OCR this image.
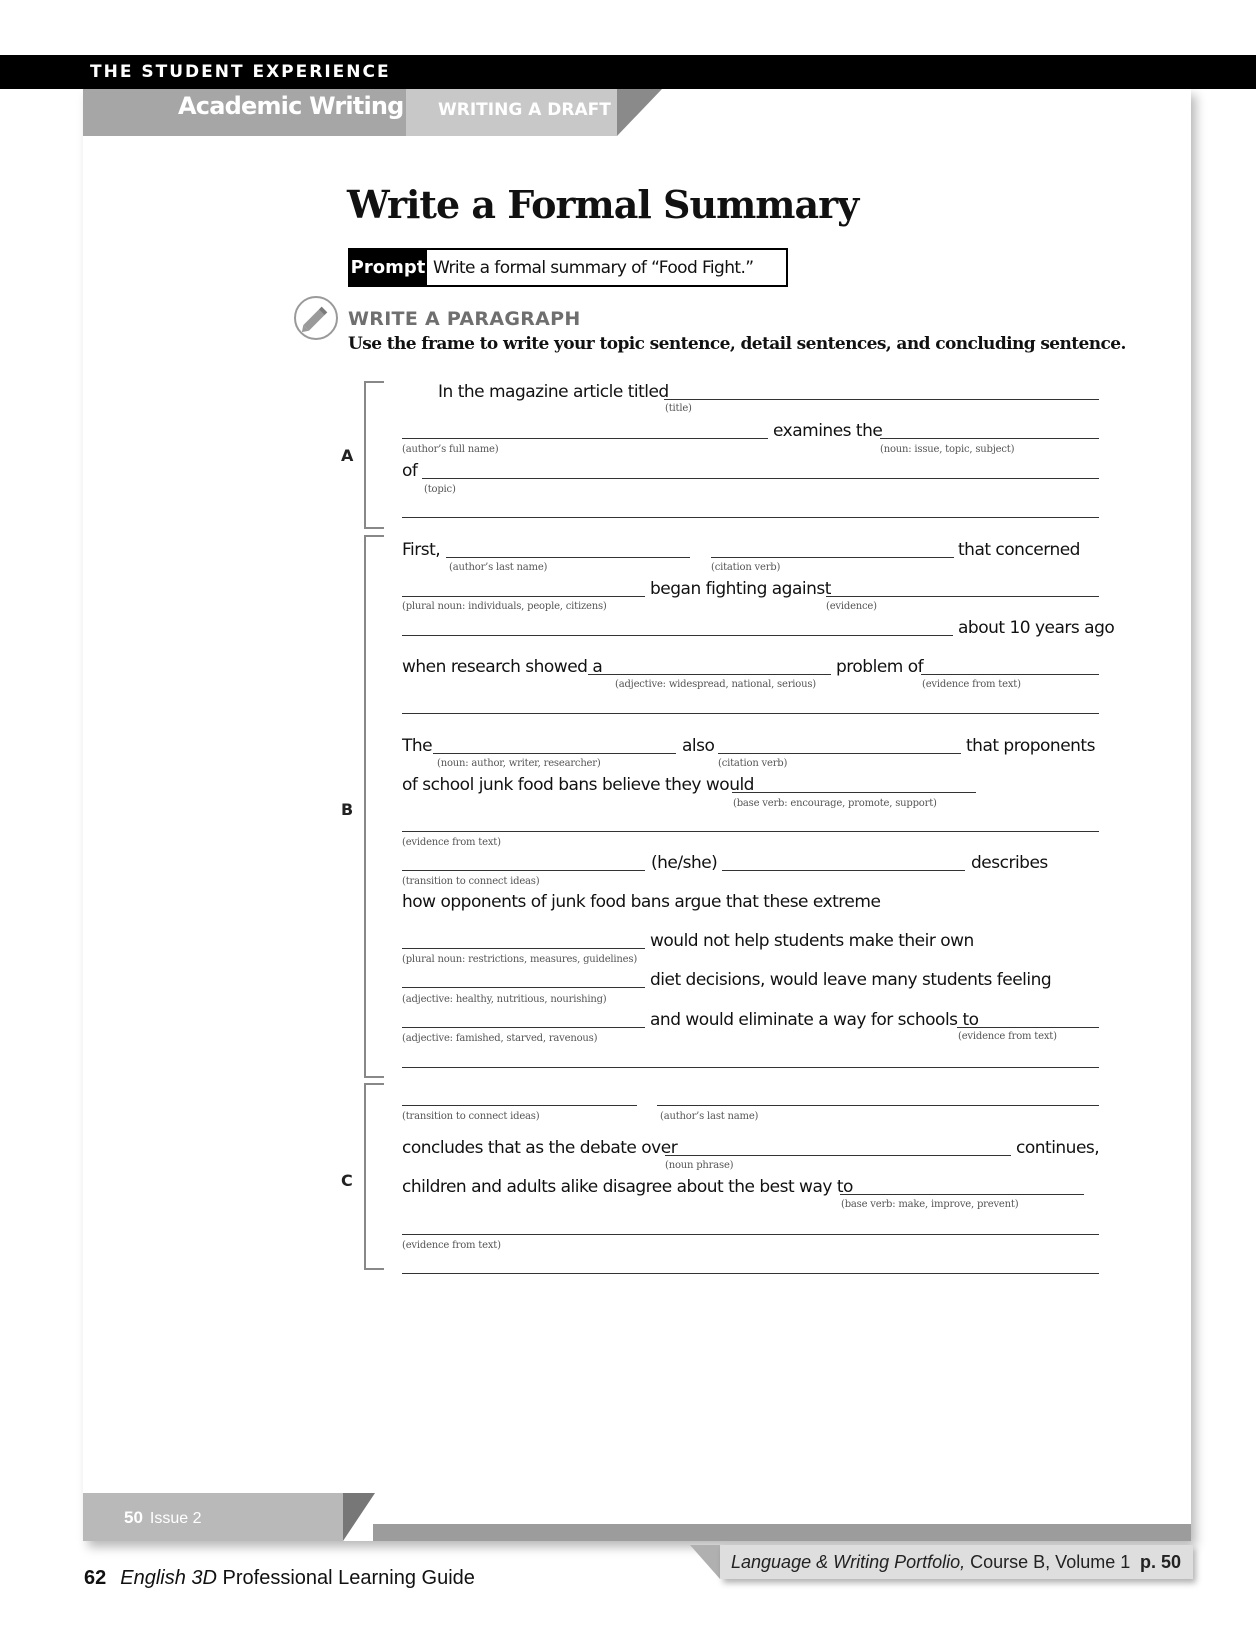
THE STUDENT EXPERIENCE
Academic Writing WRITING A DRAFT
Write a Formal Summary
Prompt Write a formal summary of “Food Fight.”
WRITE A PARAGRAPH
Use the frame to write your topic sentence, detail sentences, and concluding sentence.
A
B
C
In the magazine article titled
(title)
examines the
(author’s full name)	(noun: issue, topic, subject)
of
(topic)
First,	that concerned
(author’s last name)	(citation verb)
began fighting against
(plural noun: individuals, people, citizens)	(evidence)
about 10 years ago
when research showed a	problem of
(adjective: widespread, national, serious)	(evidence from text)
The	also	that proponents
(noun: author, writer, researcher)	(citation verb)
of school junk food bans believe they would
(base verb: encourage, promote, support)
(evidence from text)
(he/she)	describes
(transition to connect ideas)
how opponents of junk food bans argue that these extreme
would not help students make their own
(plural noun: restrictions, measures, guidelines)
diet decisions, would leave many students feeling
(adjective: healthy, nutritious, nourishing)
and would eliminate a way for schools to
(adjective: famished, starved, ravenous)	(evidence from text)
(transition to connect ideas)	(author’s last name)
concludes that as the debate over	continues,
(noun phrase)
children and adults alike disagree about the best way to
(base verb: make, improve, prevent)
(evidence from text)
50 Issue 2
Language & Writing Portfolio, Course B, Volume 1 p. 50
62 English 3D Professional Learning Guide
